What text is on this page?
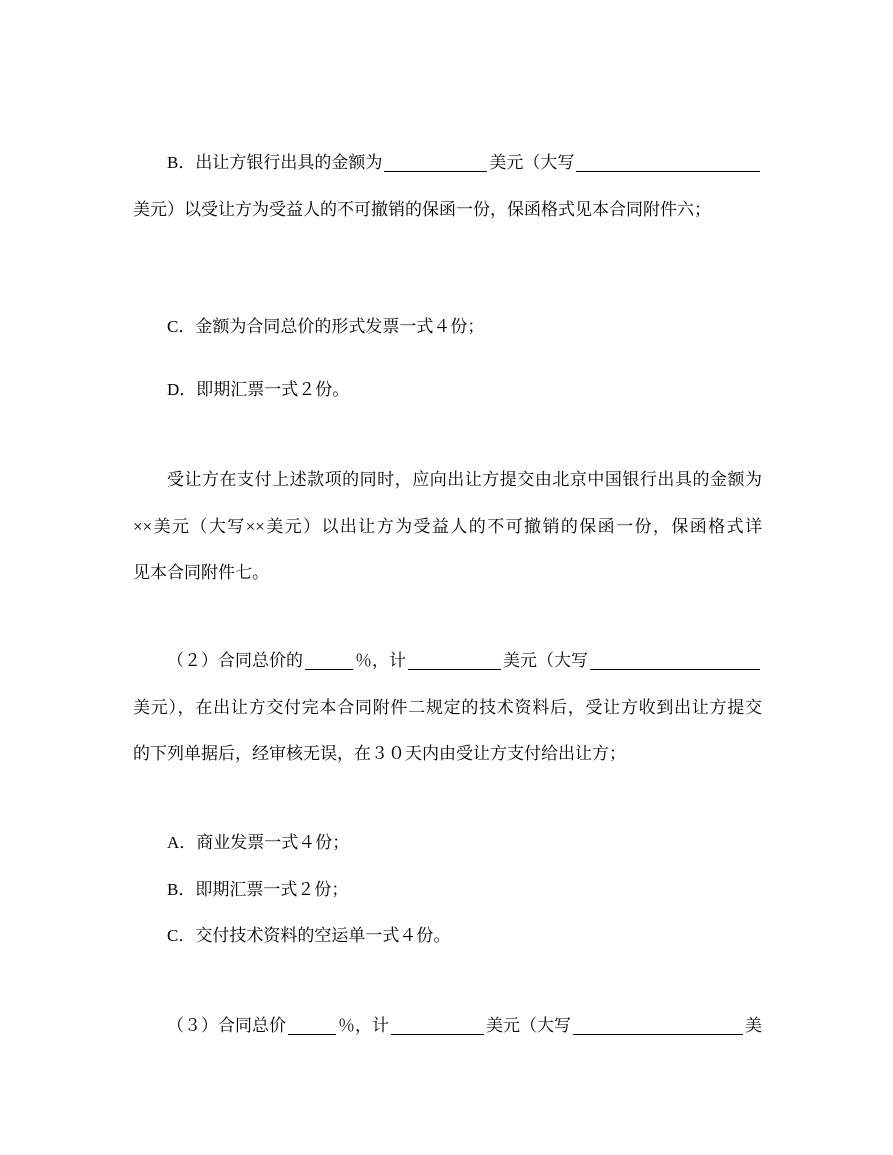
B．出让方银行出具的金额为	美元（大写
美元）以受让方为受益人的不可撤销的保函一份，保函格式见本合同附件六；
C．金额为合同总价的形式发票一式４份；
D．即期汇票一式２份。
受让方在支付上述款项的同时，应向出让方提交由北京中国银行出具的金额为
××美元（大写××美元）以出让方为受益人的不可撤销的保函一份，保函格式详
见本合同附件七。
（２）合同总价的	％，计	美元（大写
美元），在出让方交付完本合同附件二规定的技术资料后，受让方收到出让方提交
的下列单据后，经审核无误，在３０天内由受让方支付给出让方；
A．商业发票一式４份；
B．即期汇票一式２份；
C．交付技术资料的空运单一式４份。
（３）合同总价	％，计	美元（大写	美
